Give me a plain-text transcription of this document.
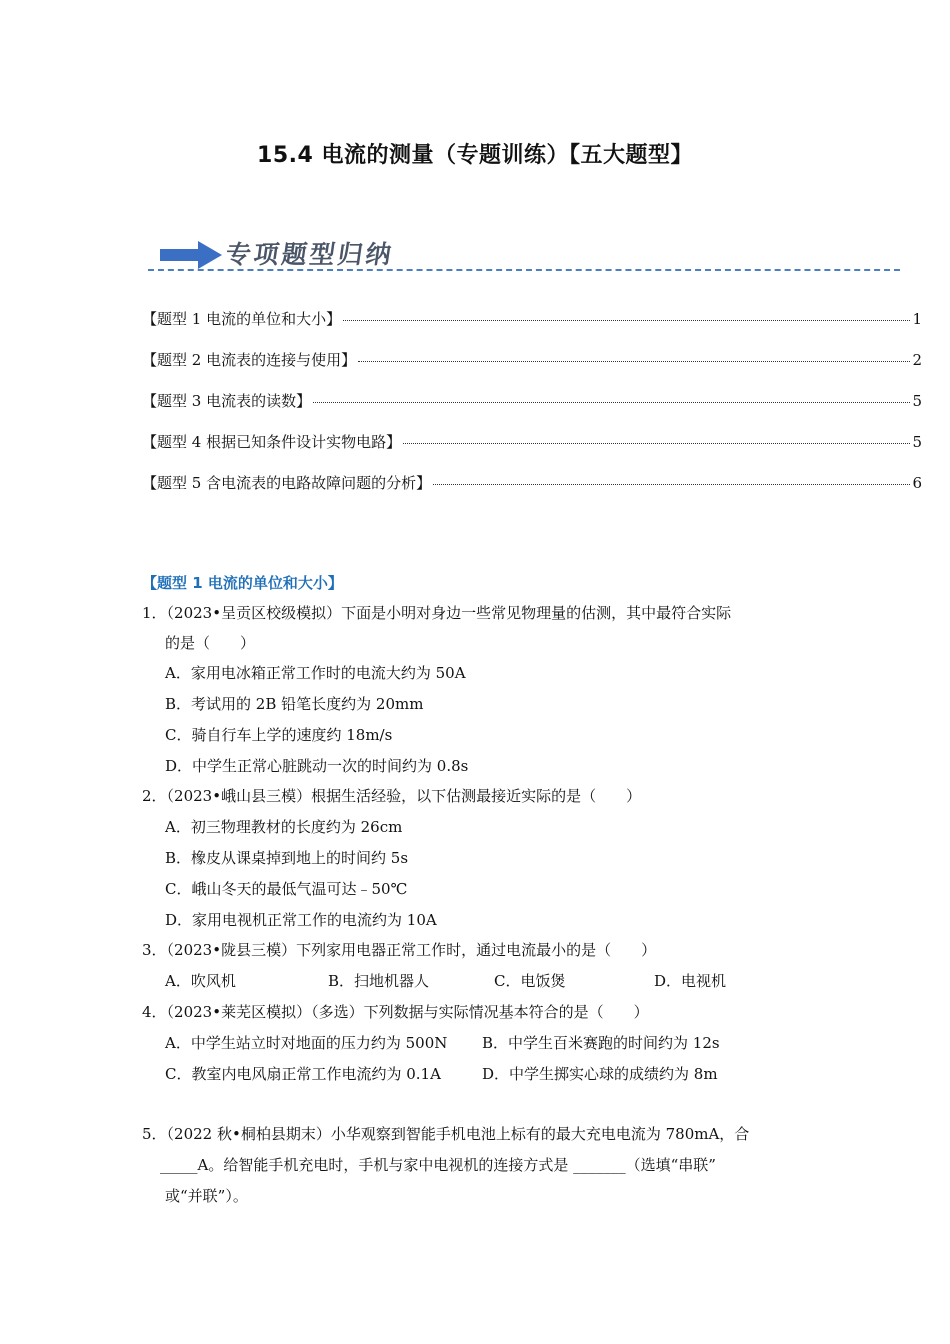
15.4 电流的测量（专题训练）【五大题型】
专项题型归纳
【题型 1 电流的单位和大小】	1
【题型 2 电流表的连接与使用】	2
【题型 3 电流表的读数】	5
【题型 4 根据已知条件设计实物电路】	5
【题型 5 含电流表的电路故障问题的分析】	6
【题型 1 电流的单位和大小】
1．（2023•呈贡区校级模拟）下面是小明对身边一些常见物理量的估测，其中最符合实际
的是（　　）
A．家用电冰箱正常工作时的电流大约为 50A
B．考试用的 2B 铅笔长度约为 20mm
C．骑自行车上学的速度约 18m/s
D．中学生正常心脏跳动一次的时间约为 0.8s
2．（2023•峨山县三模）根据生活经验，以下估测最接近实际的是（　　）
A．初三物理教材的长度约为 26cm
B．橡皮从课桌掉到地上的时间约 5s
C．峨山冬天的最低气温可达﹣50℃
D．家用电视机正常工作的电流约为 10A
3．（2023•陇县三模）下列家用电器正常工作时，通过电流最小的是（　　）
A．吹风机	B．扫地机器人	C．电饭煲	D．电视机
4．（2023•莱芜区模拟）（多选）下列数据与实际情况基本符合的是（　　）
A．中学生站立时对地面的压力约为 500N B．中学生百米赛跑的时间约为 12s
C．教室内电风扇正常工作电流约为 0.1A	D．中学生掷实心球的成绩约为 8m
5．（2022 秋•桐柏县期末）小华观察到智能手机电池上标有的最大充电电流为 780mA，合
_____A。给智能手机充电时，手机与家中电视机的连接方式是 _______（选填“串联”
或“并联”）。
